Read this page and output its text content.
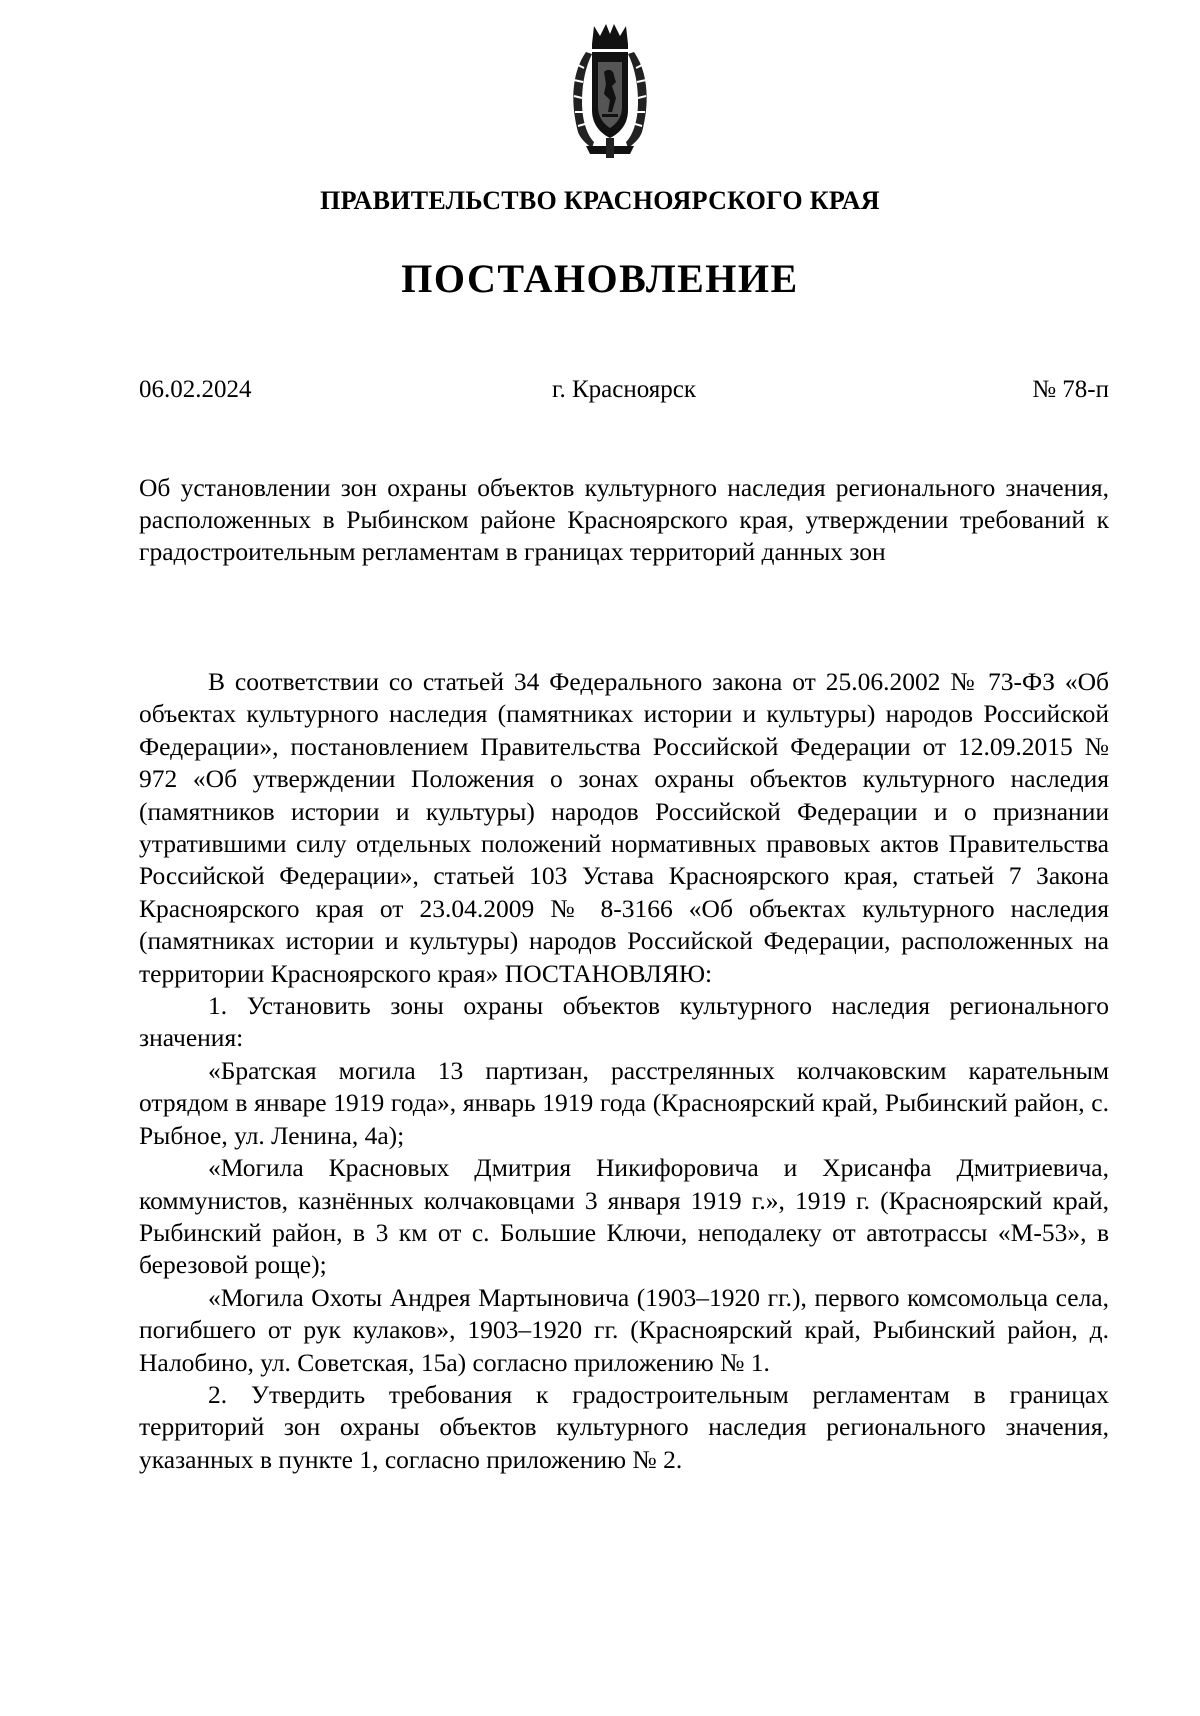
ПРАВИТЕЛЬСТВО КРАСНОЯРСКОГО КРАЯ
ПОСТАНОВЛЕНИЕ
06.02.2024	г. Красноярск	№ 78-п
Об установлении зон охраны объектов культурного наследия регионального значения, расположенных в Рыбинском районе Красноярского края, утверждении требований к градостроительным регламентам в границах территорий данных зон

В соответствии со статьей 34 Федерального закона от 25.06.2002 № 73-ФЗ «Об объектах культурного наследия (памятниках истории и культуры) народов Российской Федерации», постановлением Правительства Российской Федерации от 12.09.2015 № 972 «Об утверждении Положения о зонах охраны объектов культурного наследия (памятников истории и культуры) народов Российской Федерации и о признании утратившими силу отдельных положений нормативных правовых актов Правительства Российской Федерации», статьей 103 Устава Красноярского края, статьей 7 Закона Красноярского края от 23.04.2009 № 8-3166 «Об объектах культурного наследия (памятниках истории и культуры) народов Российской Федерации, расположенных на территории Красноярского края» ПОСТАНОВЛЯЮ:

1. Установить зоны охраны объектов культурного наследия регионального значения:

«Братская могила 13 партизан, расстрелянных колчаковским карательным отрядом в январе 1919 года», январь 1919 года (Красноярский край, Рыбинский район, с. Рыбное, ул. Ленина, 4а);

«Могила Красновых Дмитрия Никифоровича и Хрисанфа Дмитриевича, коммунистов, казнённых колчаковцами 3 января 1919 г.», 1919 г. (Красноярский край, Рыбинский район, в 3 км от с. Большие Ключи, неподалеку от автотрассы «М-53», в березовой роще);

«Могила Охоты Андрея Мартыновича (1903–1920 гг.), первого комсомольца села, погибшего от рук кулаков», 1903–1920 гг. (Красноярский край, Рыбинский район, д. Налобино, ул. Советская, 15а) согласно приложению № 1.

2. Утвердить требования к градостроительным регламентам в границах территорий зон охраны объектов культурного наследия регионального значения, указанных в пункте 1, согласно приложению № 2.
